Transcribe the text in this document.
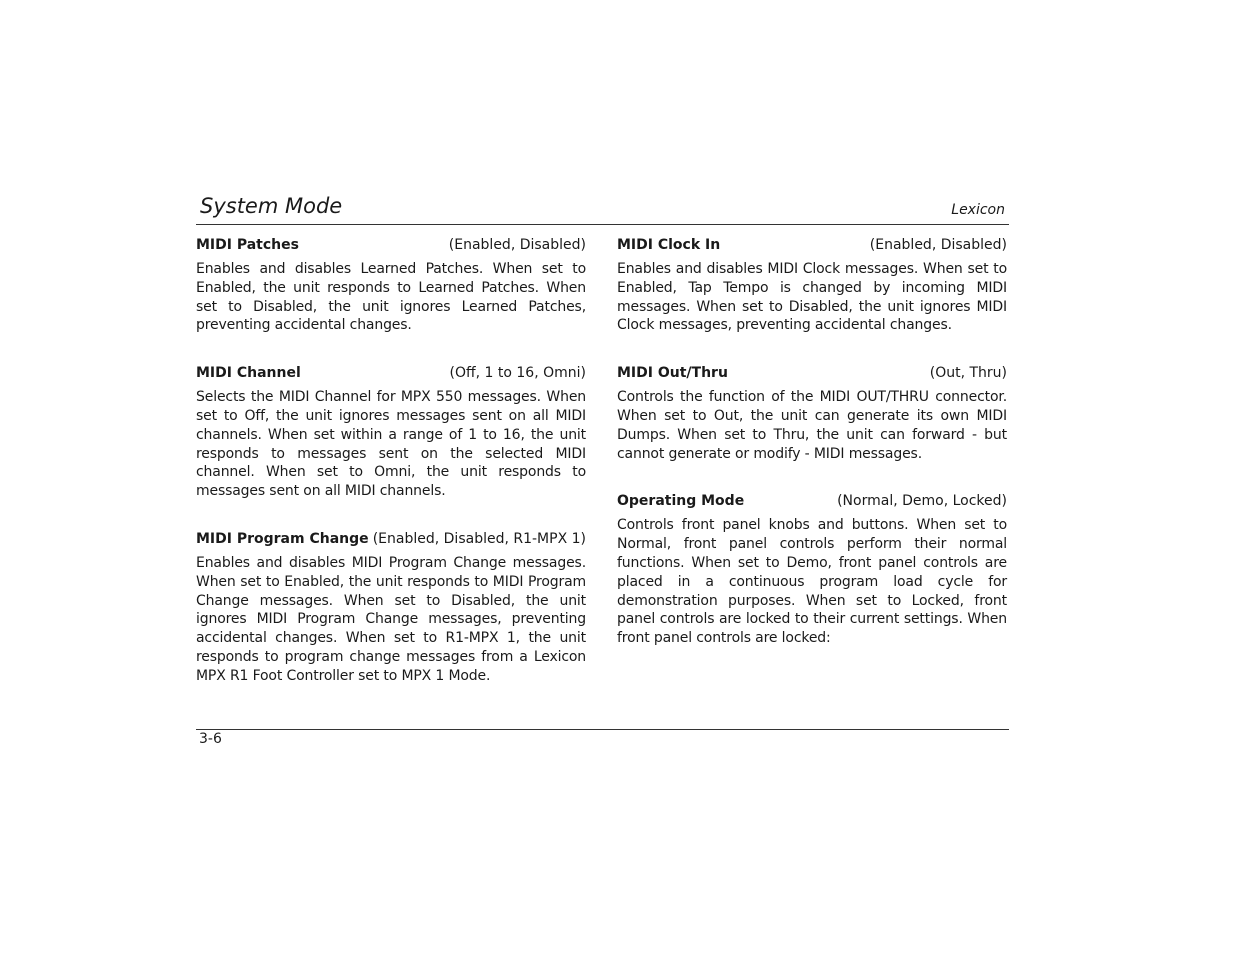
System Mode	Lexicon
MIDI Patches	(Enabled, Disabled)

Enables and disables Learned Patches. When set to Enabled, the unit responds to Learned Patches. When set to Disabled, the unit ignores Learned Patches, preventing accidental changes.

MIDI Channel	(Off, 1 to 16, Omni)

Selects the MIDI Channel for MPX 550 messages. When set to Off, the unit ignores messages sent on all MIDI channels. When set within a range of 1 to 16, the unit responds to messages sent on the selected MIDI channel. When set to Omni, the unit responds to messages sent on all MIDI channels.

MIDI Program Change (Enabled, Disabled, R1-MPX 1)

Enables and disables MIDI Program Change messages. When set to Enabled, the unit responds to MIDI Program Change messages. When set to Disabled, the unit ignores MIDI Program Change messages, preventing accidental changes. When set to R1-MPX 1, the unit responds to program change messages from a Lexicon MPX R1 Foot Controller set to MPX 1 Mode.

MIDI Clock In	(Enabled, Disabled)

Enables and disables MIDI Clock messages. When set to Enabled, Tap Tempo is changed by incoming MIDI messages. When set to Disabled, the unit ignores MIDI Clock messages, preventing accidental changes.

MIDI Out/Thru	(Out, Thru)

Controls the function of the MIDI OUT/THRU connector. When set to Out, the unit can generate its own MIDI Dumps. When set to Thru, the unit can forward - but cannot generate or modify - MIDI messages.

Operating Mode	(Normal, Demo, Locked)

Controls front panel knobs and buttons. When set to Normal, front panel controls perform their normal functions. When set to Demo, front panel controls are placed in a continuous program load cycle for demonstration purposes. When set to Locked, front panel controls are locked to their current settings. When front panel controls are locked:

3-6
